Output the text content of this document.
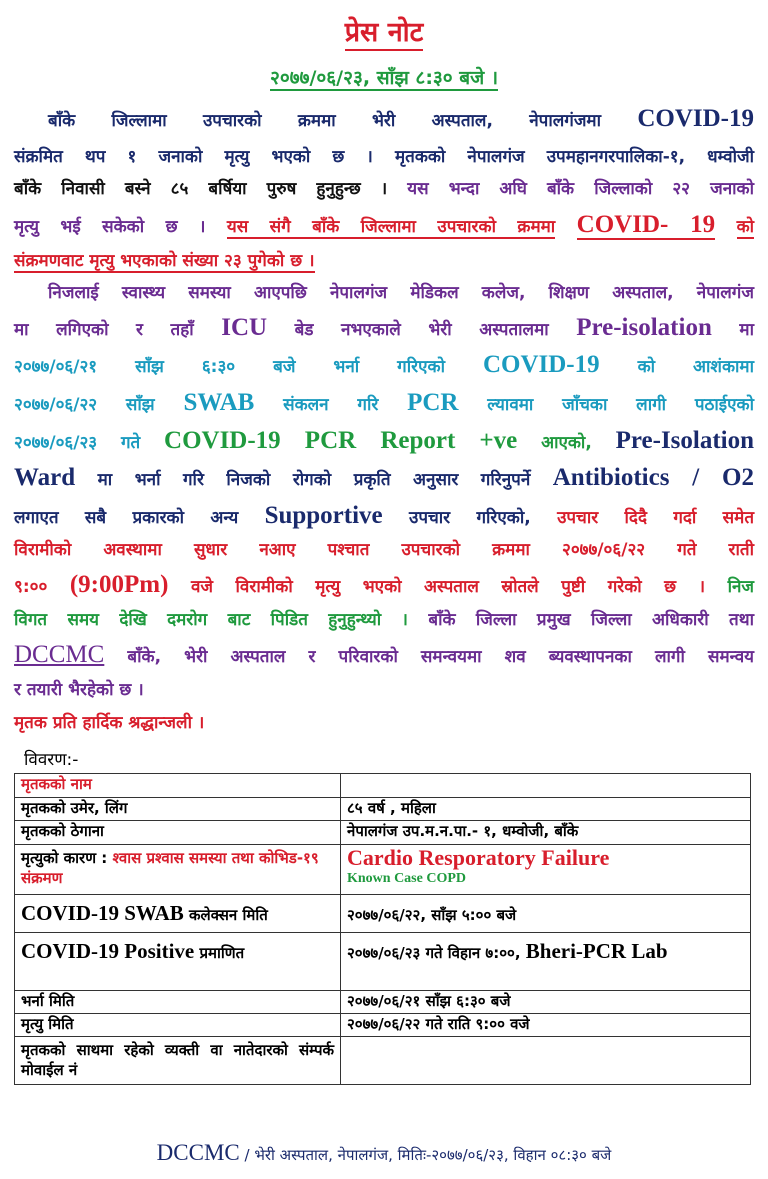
प्रेस नोट
२०७७/०६/२३, साँझ ८:३० बजे ।
बाँके जिल्लामा उपचारको क्रममा भेरी अस्पताल, नेपालगंजमा COVID-19
संक्रमित थप १ जनाको मृत्यु भएको छ । मृतकको नेपालगंज उपमहानगरपालिका-१, धम्वोजी
बाँके निवासी बस्ने ८५ बर्षिया पुरुष हुनुहुन्छ । यस भन्दा अघि बाँके जिल्लाको २२ जनाको
मृत्यु भई सकेको छ । यस संगै बाँके जिल्लामा उपचारको क्रममा COVID- 19 को
संक्रमणवाट मृत्यु भएकाको संख्या २३ पुगेको छ ।
निजलाई स्वास्थ्य समस्या आएपछि नेपालगंज मेडिकल कलेज, शिक्षण अस्पताल, नेपालगंज
मा लगिएको र तहाँ ICU बेड नभएकाले भेरी अस्पतालमा Pre-isolation मा
२०७७/०६/२१ साँझ ६:३० बजे भर्ना गरिएको COVID-19 को आशंकामा
२०७७/०६/२२ साँझ SWAB संकलन गरि PCR ल्यावमा जाँचका लागी पठाईएको
२०७७/०६/२३ गते COVID-19 PCR Report +ve आएको, Pre-Isolation
Ward मा भर्ना गरि निजको रोगको प्रकृति अनुसार गरिनुपर्ने Antibiotics / O2
लगाएत सबै प्रकारको अन्य Supportive उपचार गरिएको, उपचार दिदै गर्दा समेत
विरामीको अवस्थामा सुधार नआए पश्चात उपचारको क्रममा २०७७/०६/२२ गते राती
९:०० (9:00Pm) वजे विरामीको मृत्यु भएको अस्पताल स्रोतले पुष्टी गरेको छ । निज
विगत समय देखि दमरोग बाट पिडित हुनुहुन्थ्यो । बाँके जिल्ला प्रमुख जिल्ला अधिकारी तथा
DCCMC बाँके, भेरी अस्पताल र परिवारको समन्वयमा शव ब्यवस्थापनका लागी समन्वय
र तयारी भैरहेको छ ।
मृतक प्रति हार्दिक श्रद्धान्जली ।
विवरण:-
मृतकको नाम	
मृतकको उमेर, लिंग	८५ वर्ष , महिला
मृतकको ठेगाना	नेपालगंज उप.म.न.पा.- १, धम्वोजी, बाँके
मृत्युको कारण : श्वास प्रश्वास समस्या तथा कोभिड-१९ संक्रमण	Cardio Resporatory Failure
Known Case COPD

COVID-19 SWAB कलेक्सन मिति	२०७७/०६/२२, साँझ ५:०० बजे
COVID-19 Positive प्रमाणित	२०७७/०६/२३ गते विहान ७:००, Bheri-PCR Lab
भर्ना मिति	२०७७/०६/२१ साँझ ६:३० बजे
मृत्यु मिति	२०७७/०६/२२ गते राति ९:०० वजे
मृतकको साथमा रहेको व्यक्ती वा नातेदारको संम्पर्क मोवाईल नं	
DCCMC / भेरी अस्पताल, नेपालगंज, मितिः-२०७७/०६/२३, विहान ०८:३० बजे
